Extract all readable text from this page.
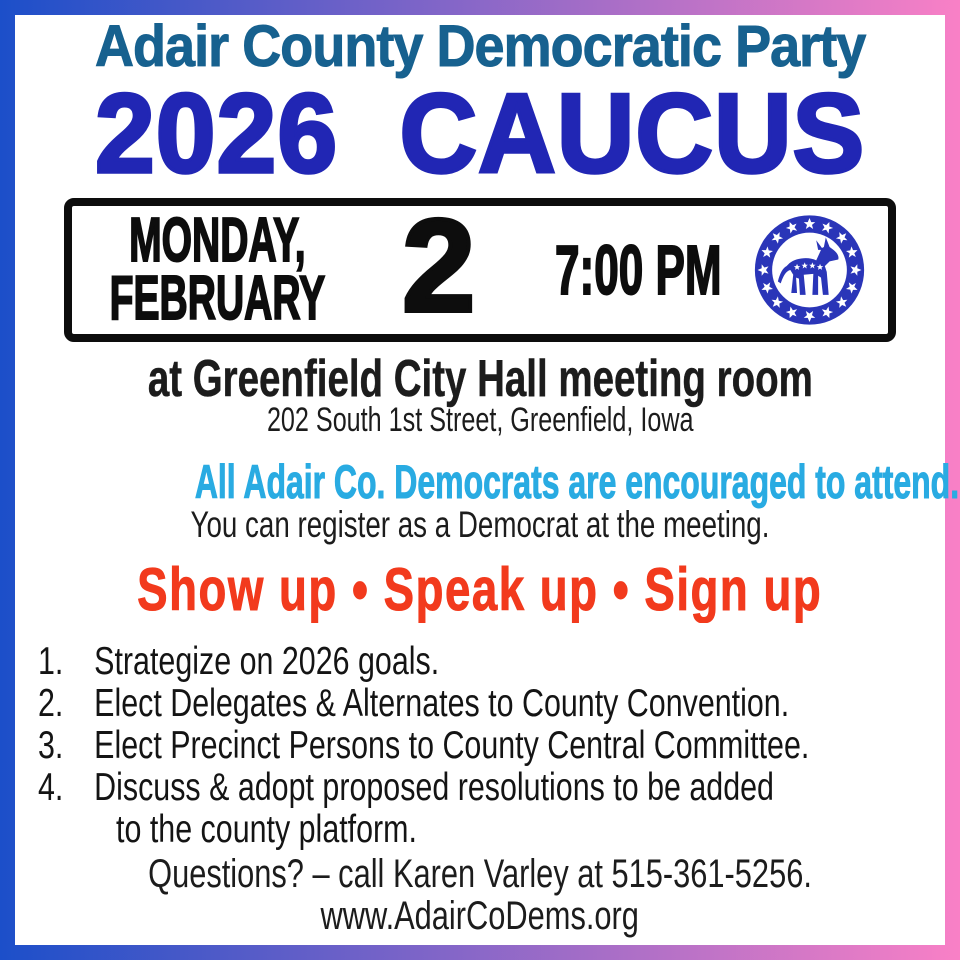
Adair County Democratic Party
2026 CAUCUS
MONDAY,
FEBRUARY 2 7:00 PM
at Greenfield City Hall meeting room
202 South 1st Street, Greenfield, Iowa
All Adair Co. Democrats are encouraged to attend.
You can register as a Democrat at the meeting.
Show up • Speak up • Sign up
1. Strategize on 2026 goals.
2. Elect Delegates & Alternates to County Convention.
3. Elect Precinct Persons to County Central Committee.
4. Discuss & adopt proposed resolutions to be added
to the county platform.
Questions? – call Karen Varley at 515-361-5256.
www.AdairCoDems.org
